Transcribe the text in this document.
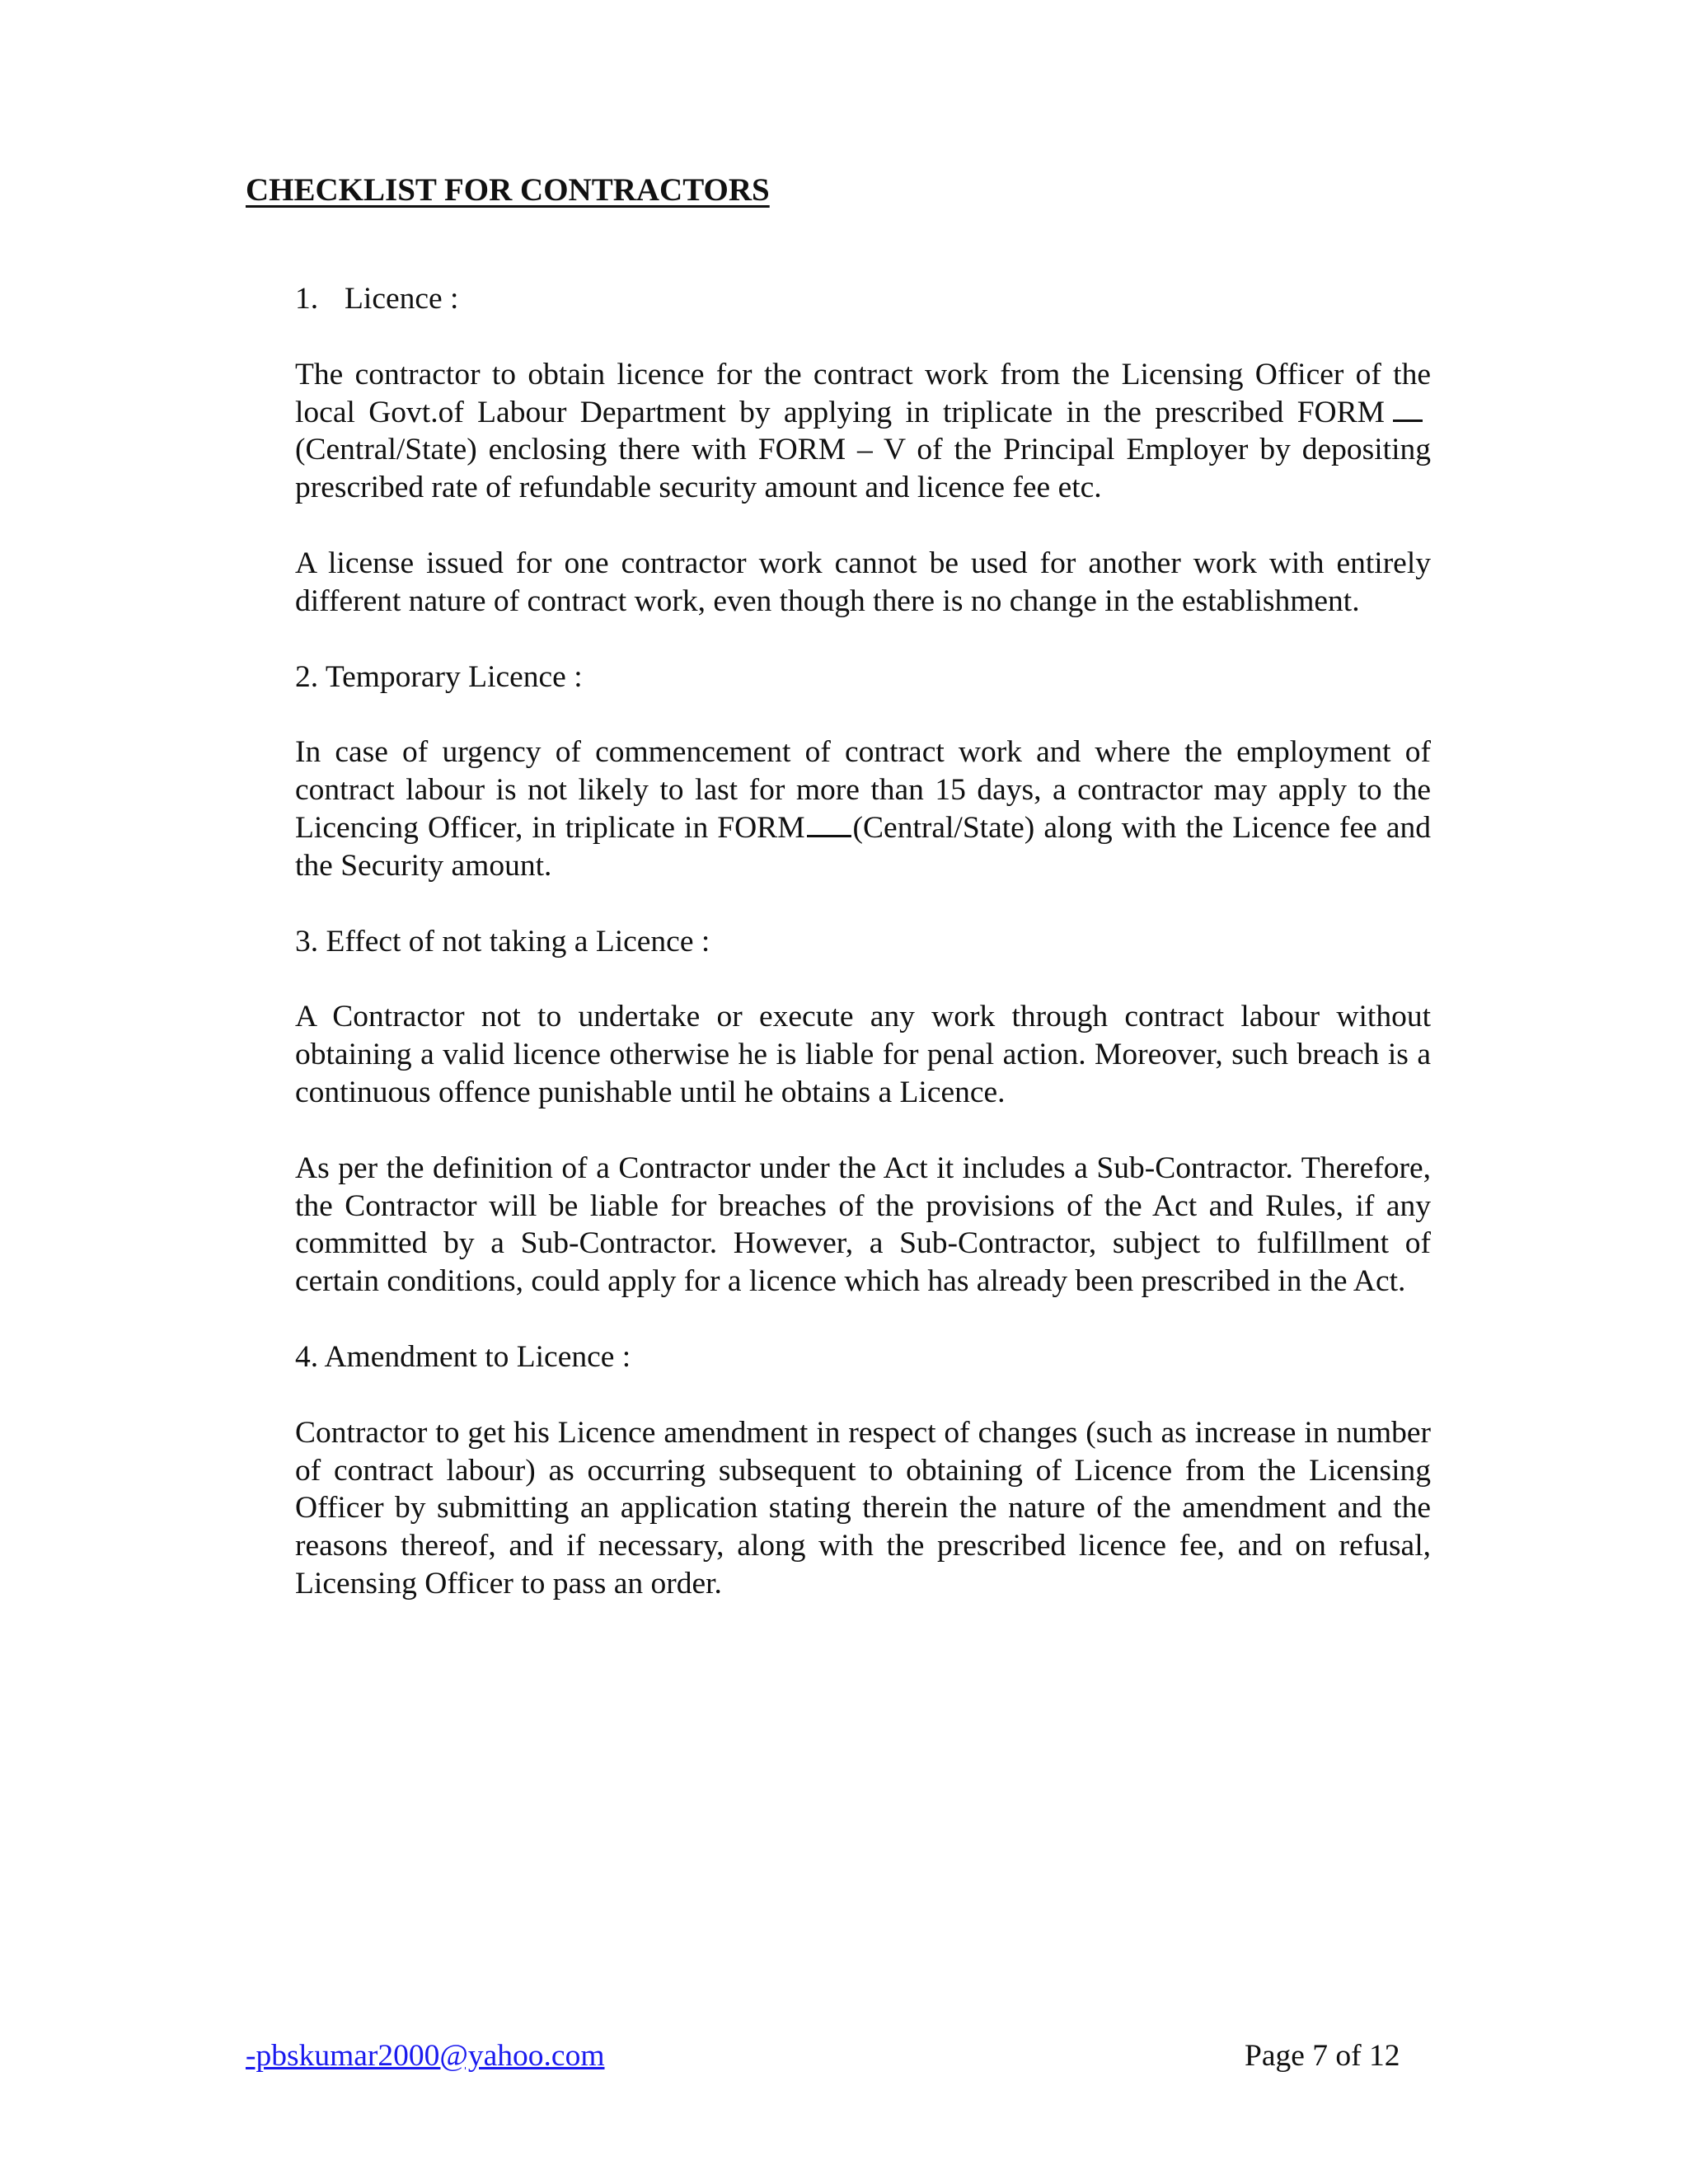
CHECKLIST FOR CONTRACTORS

1. Licence :

The contractor to obtain licence for the contract work from the Licensing Officer of the local Govt.of Labour Department by applying in triplicate in the prescribed FORM(Central/State) enclosing there with FORM – V of the Principal Employer by depositing prescribed rate of refundable security amount and licence fee etc.

A license issued for one contractor work cannot be used for another work with entirely different nature of contract work, even though there is no change in the establishment.

2. Temporary Licence :

In case of urgency of commencement of contract work and where the employment of contract labour is not likely to last for more than 15 days, a contractor may apply to the Licencing Officer, in triplicate in FORM (Central/State) along with the Licence fee and the Security amount.

3. Effect of not taking a Licence :

A Contractor not to undertake or execute any work through contract labour without obtaining a valid licence otherwise he is liable for penal action. Moreover, such breach is a continuous offence punishable until he obtains a Licence.

As per the definition of a Contractor under the Act it includes a Sub-Contractor. Therefore, the Contractor will be liable for breaches of the provisions of the Act and Rules, if any committed by a Sub-Contractor. However, a Sub-Contractor, subject to fulfillment of certain conditions, could apply for a licence which has already been prescribed in the Act.

4. Amendment to Licence :

Contractor to get his Licence amendment in respect of changes (such as increase in number of contract labour) as occurring subsequent to obtaining of Licence from the Licensing Officer by submitting an application stating therein the nature of the amendment and the reasons thereof, and if necessary, along with the prescribed licence fee, and on refusal, Licensing Officer to pass an order.

-pbskumar2000@yahoo.com	Page 7 of 12
